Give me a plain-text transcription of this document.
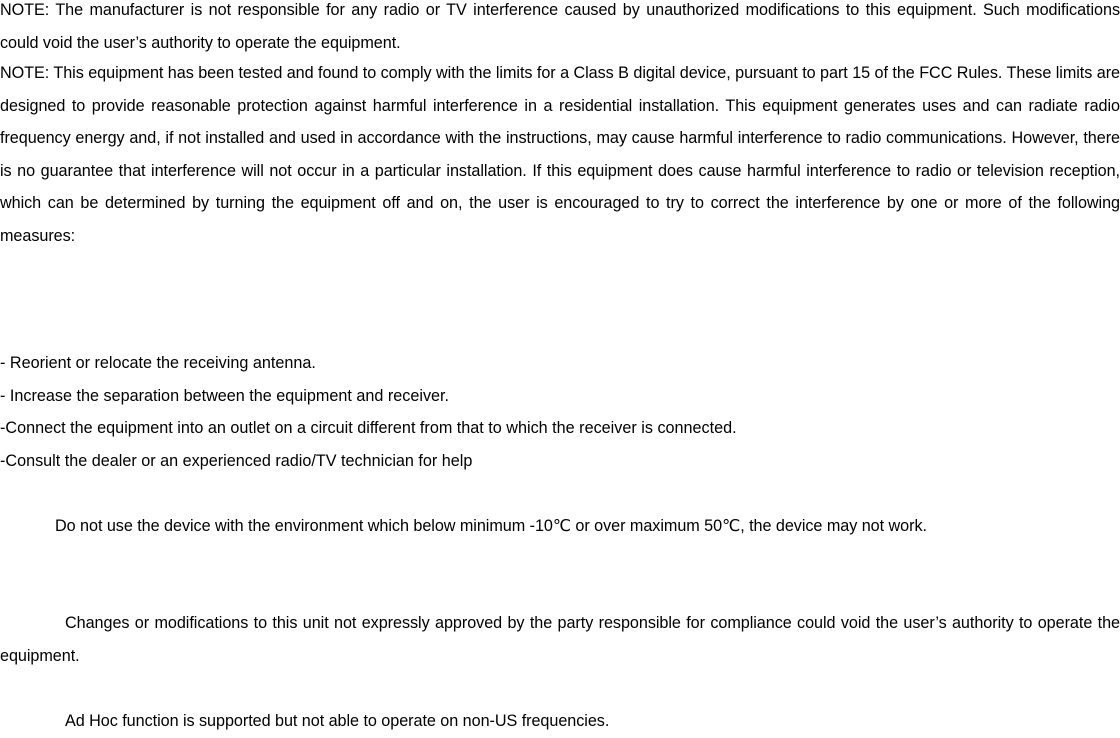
NOTE: The manufacturer is not responsible for any radio or TV interference caused by unauthorized modifications to this equipment. Such modifications could void the user’s authority to operate the equipment.

NOTE: This equipment has been tested and found to comply with the limits for a Class B digital device, pursuant to part 15 of the FCC Rules. These limits are designed to provide reasonable protection against harmful interference in a residential installation. This equipment generates uses and can radiate radio frequency energy and, if not installed and used in accordance with the instructions, may cause harmful interference to radio communications. However, there is no guarantee that interference will not occur in a particular installation. If this equipment does cause harmful interference to radio or television reception, which can be determined by turning the equipment off and on, the user is encouraged to try to correct the interference by one or more of the following measures:

- Reorient or relocate the receiving antenna.

- Increase the separation between the equipment and receiver.

-Connect the equipment into an outlet on a circuit different from that to which the receiver is connected.

-Consult the dealer or an experienced radio/TV technician for help

Do not use the device with the environment which below minimum -10℃ or over maximum 50℃, the device may not work.

Changes or modifications to this unit not expressly approved by the party responsible for compliance could void the user’s authority to operate the equipment.

Ad Hoc function is supported but not able to operate on non-US frequencies.
